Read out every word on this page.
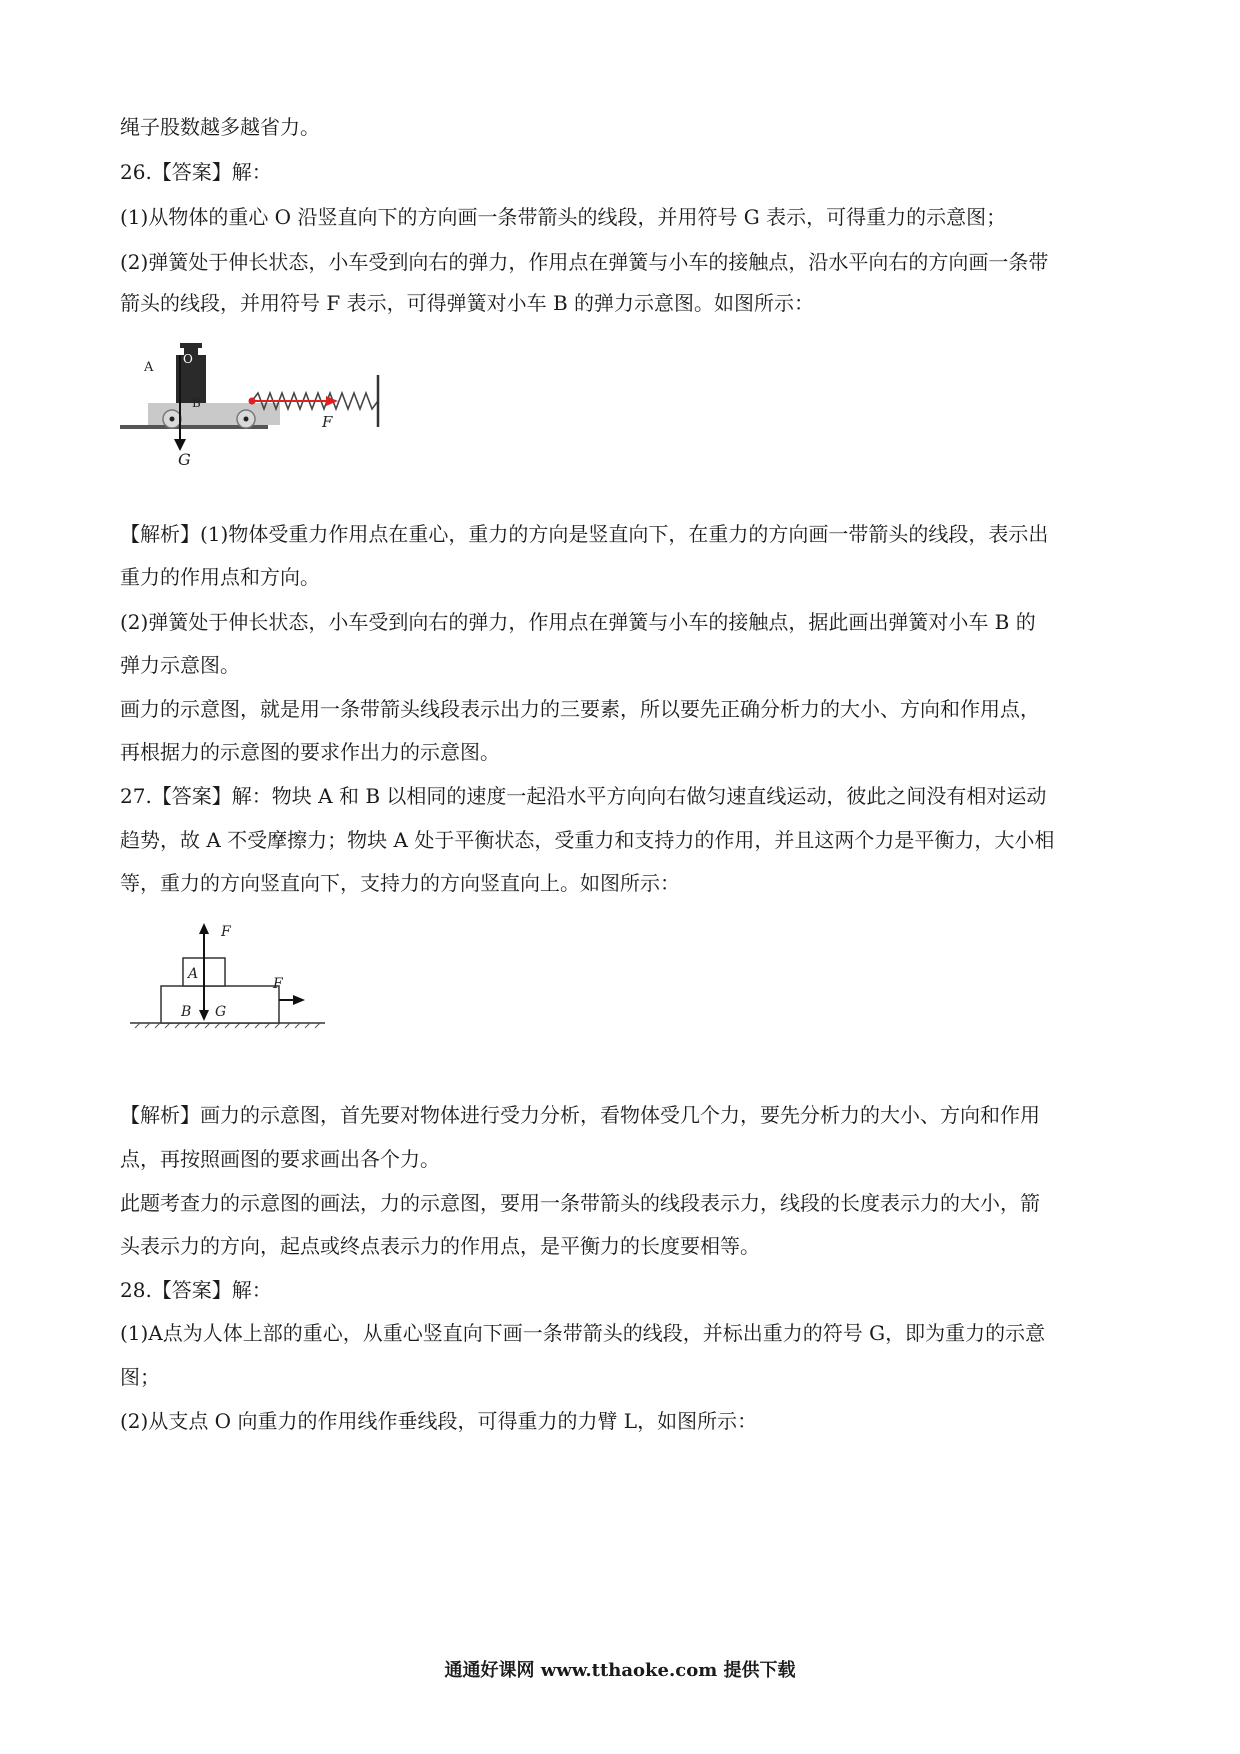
绳子股数越多越省力。
26.【答案】解：
(1)从物体的重心 O 沿竖直向下的方向画一条带箭头的线段，并用符号 G 表示，可得重力的示意图；
(2)弹簧处于伸长状态，小车受到向右的弹力，作用点在弹簧与小车的接触点，沿水平向右的方向画一条带
箭头的线段，并用符号 F 表示，可得弹簧对小车 B 的弹力示意图。如图所示：
A
O
B
G
F
【解析】(1)物体受重力作用点在重心，重力的方向是竖直向下，在重力的方向画一带箭头的线段，表示出
重力的作用点和方向。
(2)弹簧处于伸长状态，小车受到向右的弹力，作用点在弹簧与小车的接触点，据此画出弹簧对小车 B 的
弹力示意图。
画力的示意图，就是用一条带箭头线段表示出力的三要素，所以要先正确分析力的大小、方向和作用点，
再根据力的示意图的要求作出力的示意图。
27.【答案】解：物块 A 和 B 以相同的速度一起沿水平方向向右做匀速直线运动，彼此之间没有相对运动
趋势，故 A 不受摩擦力；物块 A 处于平衡状态，受重力和支持力的作用，并且这两个力是平衡力，大小相
等，重力的方向竖直向下，支持力的方向竖直向上。如图所示：
A
B
F
G
F
【解析】画力的示意图，首先要对物体进行受力分析，看物体受几个力，要先分析力的大小、方向和作用
点，再按照画图的要求画出各个力。
此题考查力的示意图的画法，力的示意图，要用一条带箭头的线段表示力，线段的长度表示力的大小，箭
头表示力的方向，起点或终点表示力的作用点，是平衡力的长度要相等。
28.【答案】解：
(1)A点为人体上部的重心，从重心竖直向下画一条带箭头的线段，并标出重力的符号 G，即为重力的示意
图；
(2)从支点 O 向重力的作用线作垂线段，可得重力的力臂 L，如图所示：
通通好课网 www.tthaoke.com 提供下载
